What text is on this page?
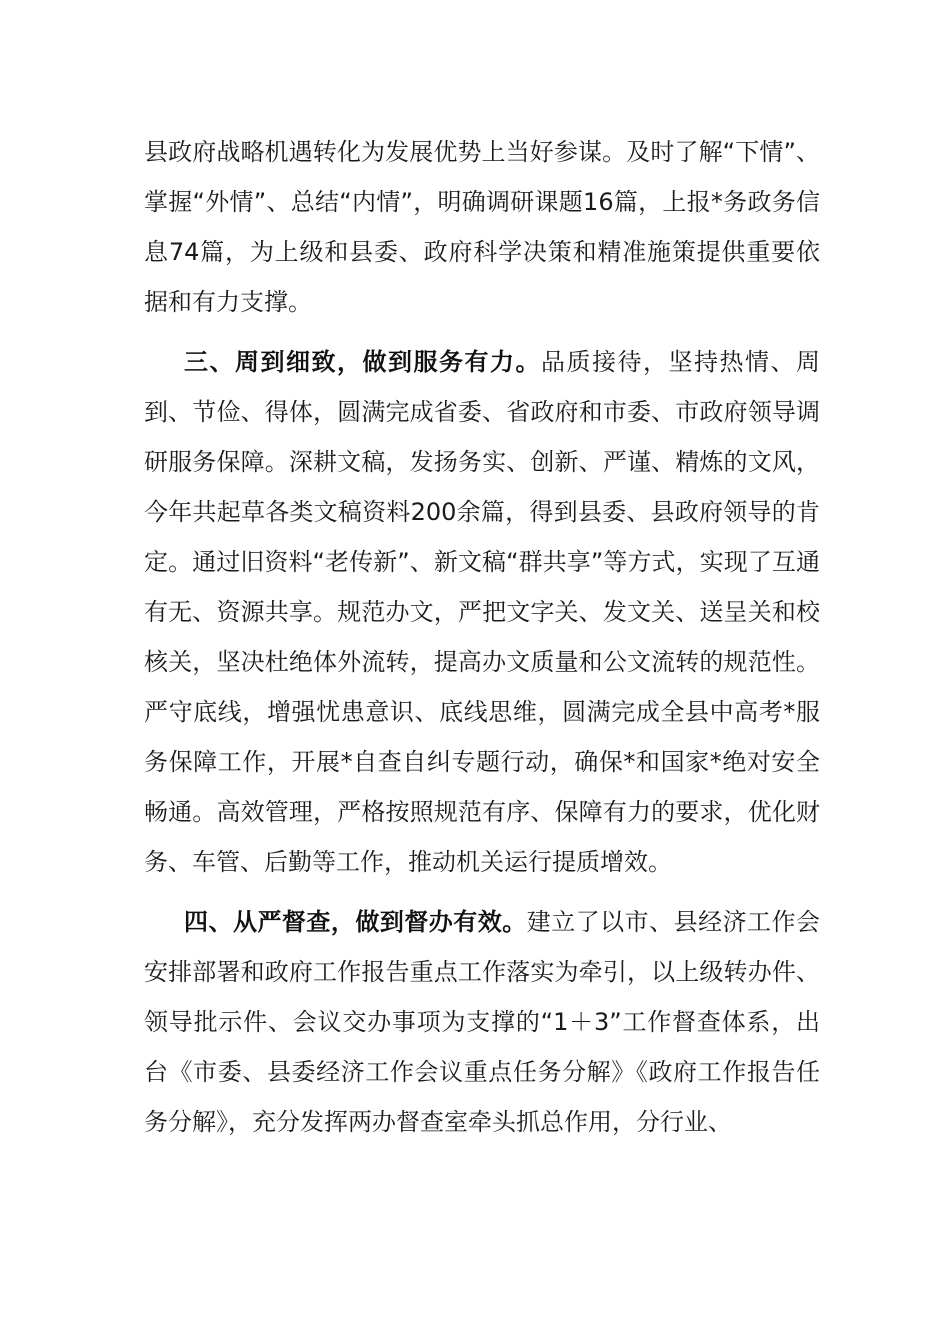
县政府战略机遇转化为发展优势上当好参谋。及时了解“下情”、掌握“外情”、总结“内情”，明确调研课题16篇，上报*务政务信息74篇，为上级和县委、政府科学决策和精准施策提供重要依据和有力支撑。

三、周到细致，做到服务有力。品质接待，坚持热情、周到、节俭、得体，圆满完成省委、省政府和市委、市政府领导调研服务保障。深耕文稿，发扬务实、创新、严谨、精炼的文风，今年共起草各类文稿资料200余篇，得到县委、县政府领导的肯定。通过旧资料“老传新”、新文稿“群共享”等方式，实现了互通有无、资源共享。规范办文，严把文字关、发文关、送呈关和校核关，坚决杜绝体外流转，提高办文质量和公文流转的规范性。严守底线，增强忧患意识、底线思维，圆满完成全县中高考*服务保障工作，开展*自查自纠专题行动，确保*和国家*绝对安全畅通。高效管理，严格按照规范有序、保障有力的要求，优化财务、车管、后勤等工作，推动机关运行提质增效。

四、从严督查，做到督办有效。建立了以市、县经济工作会安排部署和政府工作报告重点工作落实为牵引，以上级转办件、领导批示件、会议交办事项为支撑的“1＋3”工作督查体系，出台《市委、县委经济工作会议重点任务分解》《政府工作报告任务分解》，充分发挥两办督查室牵头抓总作用，分行业、
